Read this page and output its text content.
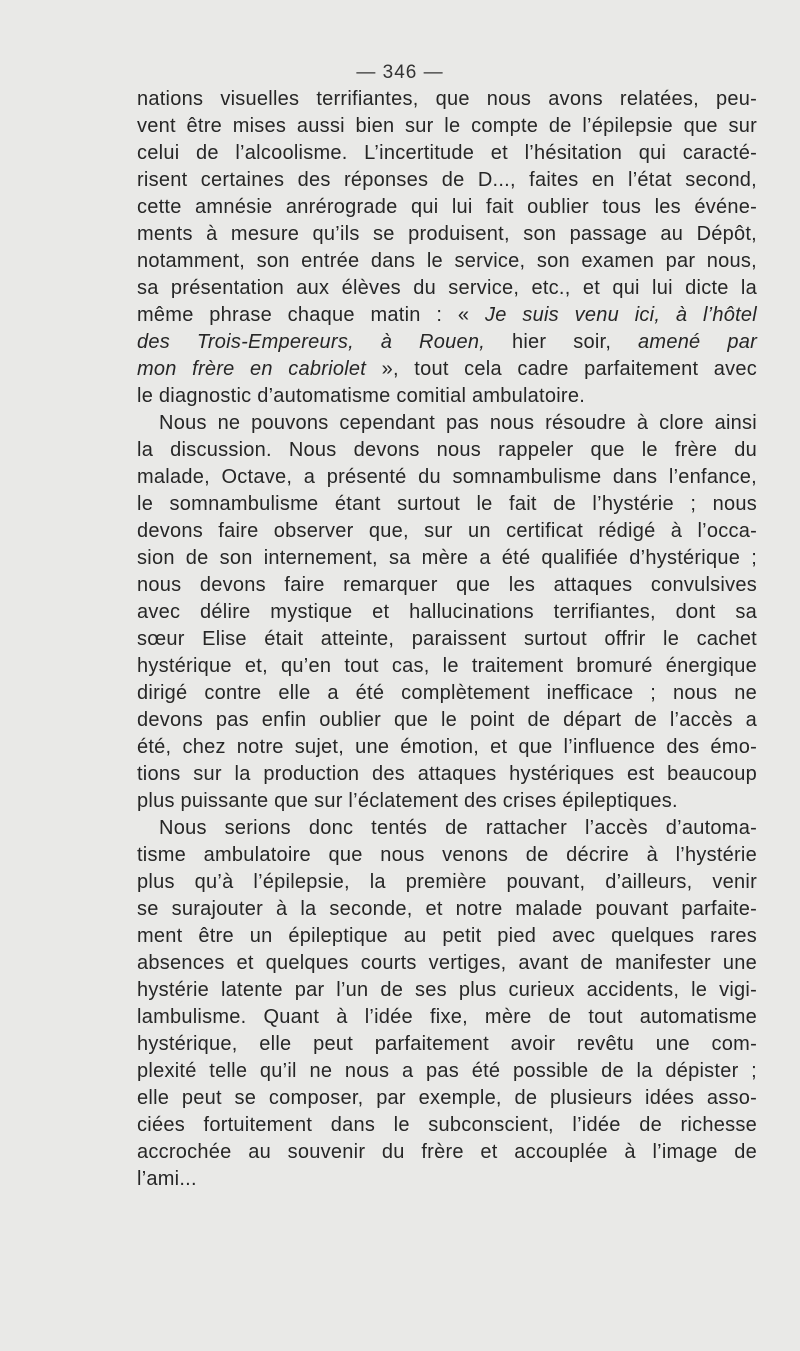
— 346 —
nations visuelles terrifiantes, que nous avons relatées, peu-
vent être mises aussi bien sur le compte de l’épilepsie que sur
celui de l’alcoolisme. L’incertitude et l’hésitation qui caracté-
risent certaines des réponses de D..., faites en l’état second,
cette amnésie anrérograde qui lui fait oublier tous les événe-
ments à mesure qu’ils se produisent, son passage au Dépôt,
notamment, son entrée dans le service, son examen par nous,
sa présentation aux élèves du service, etc., et qui lui dicte la
même phrase chaque matin : « Je suis venu ici, à l’hôtel
des Trois-Empereurs, à Rouen, hier soir, amené par
mon frère en cabriolet », tout cela cadre parfaitement avec
le diagnostic d’automatisme comitial ambulatoire.
Nous ne pouvons cependant pas nous résoudre à clore ainsi
la discussion. Nous devons nous rappeler que le frère du
malade, Octave, a présenté du somnambulisme dans l’enfance,
le somnambulisme étant surtout le fait de l’hystérie ; nous
devons faire observer que, sur un certificat rédigé à l’occa-
sion de son internement, sa mère a été qualifiée d’hystérique ;
nous devons faire remarquer que les attaques convulsives
avec délire mystique et hallucinations terrifiantes, dont sa
sœur Elise était atteinte, paraissent surtout offrir le cachet
hystérique et, qu’en tout cas, le traitement bromuré énergique
dirigé contre elle a été complètement inefficace ; nous ne
devons pas enfin oublier que le point de départ de l’accès a
été, chez notre sujet, une émotion, et que l’influence des émo-
tions sur la production des attaques hystériques est beaucoup
plus puissante que sur l’éclatement des crises épileptiques.
Nous serions donc tentés de rattacher l’accès d’automa-
tisme ambulatoire que nous venons de décrire à l’hystérie
plus qu’à l’épilepsie, la première pouvant, d’ailleurs, venir
se surajouter à la seconde, et notre malade pouvant parfaite-
ment être un épileptique au petit pied avec quelques rares
absences et quelques courts vertiges, avant de manifester une
hystérie latente par l’un de ses plus curieux accidents, le vigi-
lambulisme. Quant à l’idée fixe, mère de tout automatisme
hystérique, elle peut parfaitement avoir revêtu une com-
plexité telle qu’il ne nous a pas été possible de la dépister ;
elle peut se composer, par exemple, de plusieurs idées asso-
ciées fortuitement dans le subconscient, l’idée de richesse
accrochée au souvenir du frère et accouplée à l’image de
l’ami...
